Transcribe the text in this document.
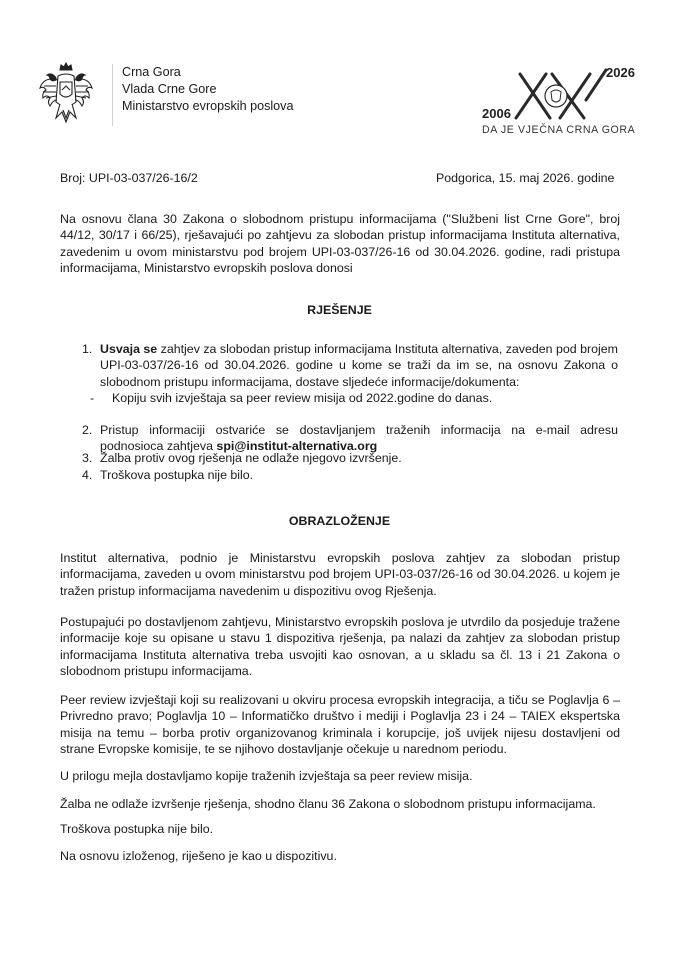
Crna Gora
Vlada Crne Gore
Ministarstvo evropskih poslova
2026
2006
DA JE VJEČNA CRNA GORA
Broj: UPI-03-037/26-16/2	Podgorica, 15. maj 2026. godine
Na osnovu člana 30 Zakona o slobodnom pristupu informacijama ("Službeni list Crne Gore", broj 44/12, 30/17 i 66/25), rješavajući po zahtjevu za slobodan pristup informacijama Instituta alternativa, zavedenim u ovom ministarstvu pod brojem UPI-03-037/26-16 od 30.04.2026. godine, radi pristupa informacijama, Ministarstvo evropskih poslova donosi
RJEŠENJE
1. Usvaja se zahtjev za slobodan pristup informacijama Instituta alternativa, zaveden pod brojem UPI-03-037/26-16 od 30.04.2026. godine u kome se traži da im se, na osnovu Zakona o slobodnom pristupu informacijama, dostave sljedeće informacije/dokumenta:
- Kopiju svih izvještaja sa peer review misija od 2022.godine do danas.
2. Pristup informaciji ostvariće se dostavljanjem traženih informacija na e-mail adresu podnosioca zahtjeva spi@institut-alternativa.org
3. Žalba protiv ovog rješenja ne odlaže njegovo izvršenje.
4. Troškova postupka nije bilo.
OBRAZLOŽENJE
Institut alternativa, podnio je Ministarstvu evropskih poslova zahtjev za slobodan pristup informacijama, zaveden u ovom ministarstvu pod brojem UPI-03-037/26-16 od 30.04.2026. u kojem je tražen pristup informacijama navedenim u dispozitivu ovog Rješenja.
Postupajući po dostavljenom zahtjevu, Ministarstvo evropskih poslova je utvrdilo da posjeduje tražene informacije koje su opisane u stavu 1 dispozitiva rješenja, pa nalazi da zahtjev za slobodan pristup informacijama Instituta alternativa treba usvojiti kao osnovan, a u skladu sa čl. 13 i 21 Zakona o slobodnom pristupu informacijama.
Peer review izvještaji koji su realizovani u okviru procesa evropskih integracija, a tiču se Poglavlja 6 – Privredno pravo; Poglavlja 10 – Informatičko društvo i mediji i Poglavlja 23 i 24 – TAIEX ekspertska misija na temu – borba protiv organizovanog kriminala i korupcije, još uvijek nijesu dostavljeni od strane Evropske komisije, te se njihovo dostavljanje očekuje u narednom periodu.
U prilogu mejla dostavljamo kopije traženih izvještaja sa peer review misija.
Žalba ne odlaže izvršenje rješenja, shodno članu 36 Zakona o slobodnom pristupu informacijama.
Troškova postupka nije bilo.
Na osnovu izloženog, riješeno je kao u dispozitivu.
